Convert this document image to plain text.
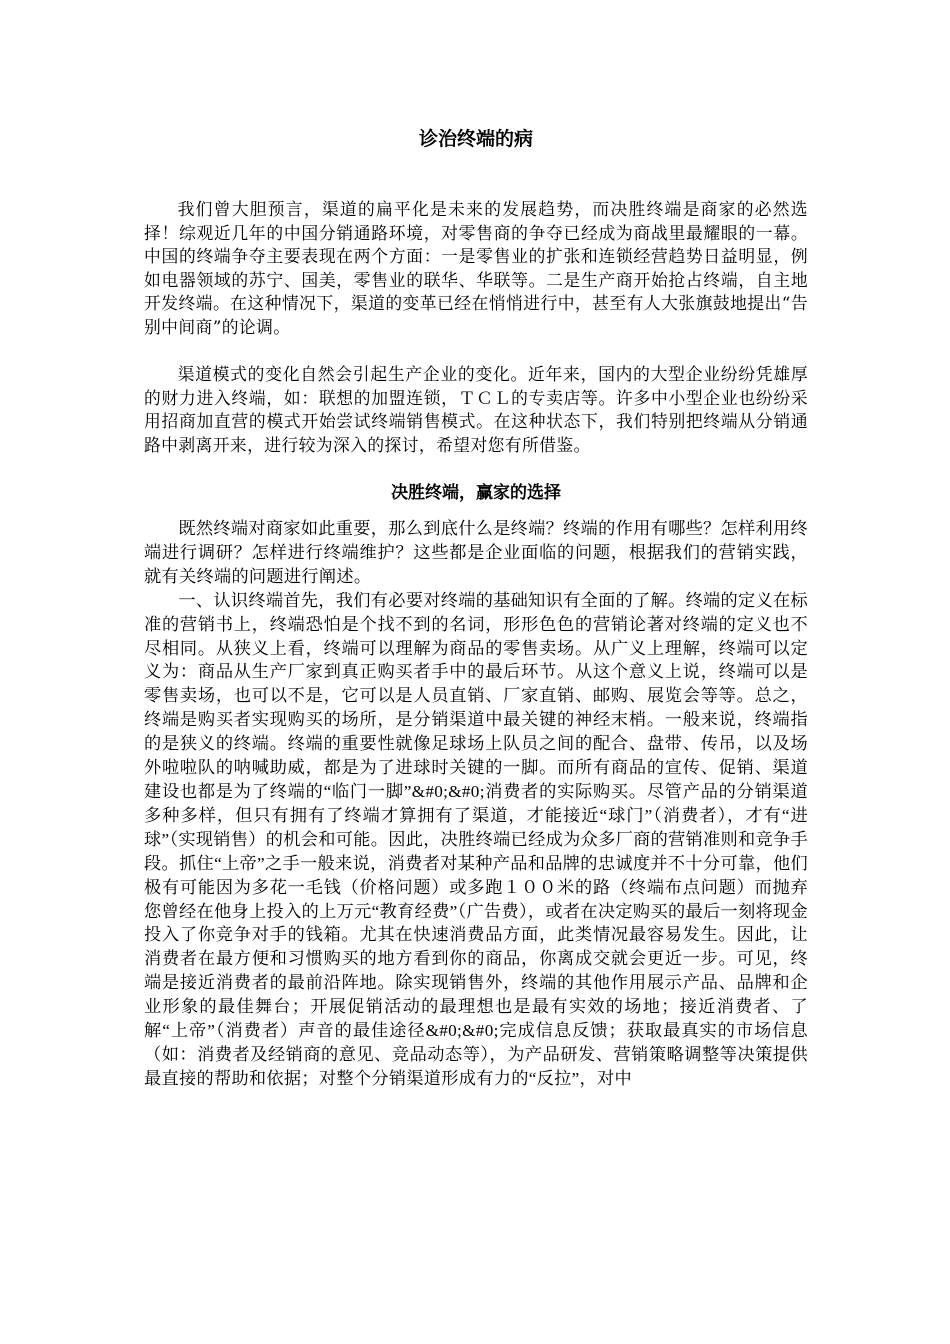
诊治终端的病

我们曾大胆预言，渠道的扁平化是未来的发展趋势，而决胜终端是商家的必然选择！综观近几年的中国分销通路环境，对零售商的争夺已经成为商战里最耀眼的一幕。中国的终端争夺主要表现在两个方面：一是零售业的扩张和连锁经营趋势日益明显，例如电器领域的苏宁、国美，零售业的联华、华联等。二是生产商开始抢占终端，自主地开发终端。在这种情况下，渠道的变革已经在悄悄进行中，甚至有人大张旗鼓地提出“告别中间商”的论调。

渠道模式的变化自然会引起生产企业的变化。近年来，国内的大型企业纷纷凭雄厚的财力进入终端，如：联想的加盟连锁，ＴＣＬ的专卖店等。许多中小型企业也纷纷采用招商加直营的模式开始尝试终端销售模式。在这种状态下，我们特别把终端从分销通路中剥离开来，进行较为深入的探讨，希望对您有所借鉴。

决胜终端，赢家的选择

既然终端对商家如此重要，那么到底什么是终端？终端的作用有哪些？怎样利用终端进行调研？怎样进行终端维护？这些都是企业面临的问题，根据我们的营销实践，就有关终端的问题进行阐述。

一、认识终端首先，我们有必要对终端的基础知识有全面的了解。终端的定义在标准的营销书上，终端恐怕是个找不到的名词，形形色色的营销论著对终端的定义也不尽相同。从狭义上看，终端可以理解为商品的零售卖场。从广义上理解，终端可以定义为：商品从生产厂家到真正购买者手中的最后环节。从这个意义上说，终端可以是零售卖场，也可以不是，它可以是人员直销、厂家直销、邮购、展览会等等。总之，终端是购买者实现购买的场所，是分销渠道中最关键的神经末梢。一般来说，终端指的是狭义的终端。终端的重要性就像足球场上队员之间的配合、盘带、传吊，以及场外啦啦队的呐喊助威，都是为了进球时关键的一脚。而所有商品的宣传、促销、渠道建设也都是为了终端的“临门一脚”&#0;&#0;消费者的实际购买。尽管产品的分销渠道多种多样，但只有拥有了终端才算拥有了渠道，才能接近“球门”（消费者），才有“进球”（实现销售）的机会和可能。因此，决胜终端已经成为众多厂商的营销准则和竞争手段。抓住“上帝”之手一般来说，消费者对某种产品和品牌的忠诚度并不十分可靠，他们极有可能因为多花一毛钱（价格问题）或多跑１００米的路（终端布点问题）而抛弃您曾经在他身上投入的上万元“教育经费”（广告费），或者在决定购买的最后一刻将现金投入了你竞争对手的钱箱。尤其在快速消费品方面，此类情况最容易发生。因此，让消费者在最方便和习惯购买的地方看到你的商品，你离成交就会更近一步。可见，终端是接近消费者的最前沿阵地。除实现销售外，终端的其他作用展示产品、品牌和企业形象的最佳舞台；开展促销活动的最理想也是最有实效的场地；接近消费者、了解“上帝”（消费者）声音的最佳途径&#0;&#0;完成信息反馈；获取最真实的市场信息（如：消费者及经销商的意见、竞品动态等），为产品研发、营销策略调整等决策提供最直接的帮助和依据；对整个分销渠道形成有力的“反拉”，对中
